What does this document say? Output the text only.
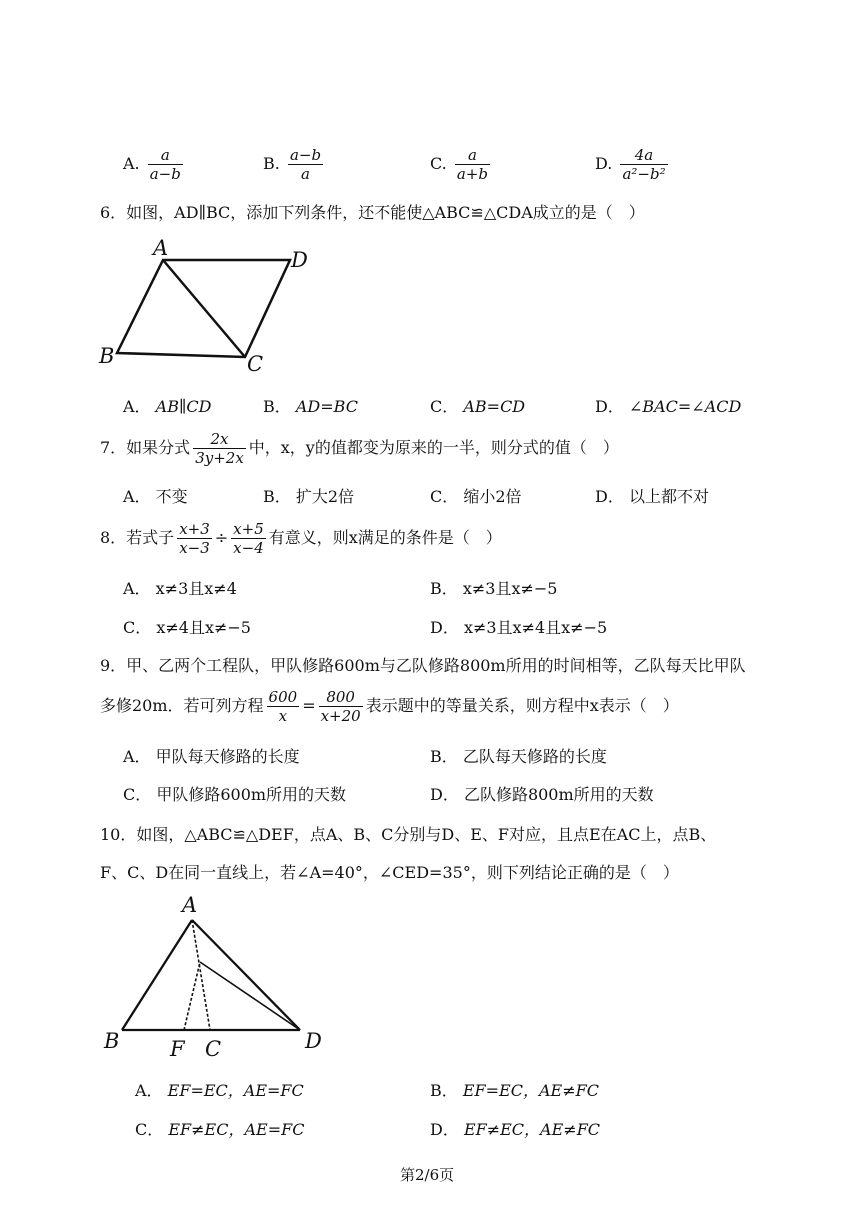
A. $\frac{a}{a-b}$	B. $\frac{a-b}{a}$	C. $\frac{a}{a+b}$	D. $\frac{4a}{\text{a²−b²}}$
6．如图，AD∥BC，添加下列条件，还不能使△ABC≌△CDA成立的是（　）
A	D
B	C
A． AB∥CD	B． AD=BC	C． AB=CD	D． ∠BAC=∠ACD
7．如果分式 $\frac{2x}{3y+2x}$ 中，x，y的值都变为原来的一半，则分式的值（　）
A． 不变	B． 扩大2倍	C． 缩小2倍	D． 以上都不对
8．若式子 $\frac{x+3}{x-3} \div \frac{x+5}{x-4}$ 有意义，则x满足的条件是（　）
A． x≠3且x≠4	B． x≠3且x≠−5
C． x≠4且x≠−5	D． x≠3且x≠4且x≠−5
9．甲、乙两个工程队，甲队修路600m与乙队修路800m所用的时间相等，乙队每天比甲队
多修20m．若可列方程 $\frac{600}{x} = \frac{800}{x+20}$ 表示题中的等量关系，则方程中x表示（　）
A． 甲队每天修路的长度	B． 乙队每天修路的长度
C． 甲队修路600m所用的天数	D． 乙队修路800m所用的天数
10．如图，△ABC≌△DEF，点A、B、C分别与D、E、F对应，且点E在AC上，点B、
F、C、D在同一直线上，若∠A=40°，∠CED=35°，则下列结论正确的是（　）
A
B F C	D
A． EF=EC，AE=FC	B． EF=EC，AE≠FC
C． EF≠EC，AE=FC	D． EF≠EC，AE≠FC
第2/6页
